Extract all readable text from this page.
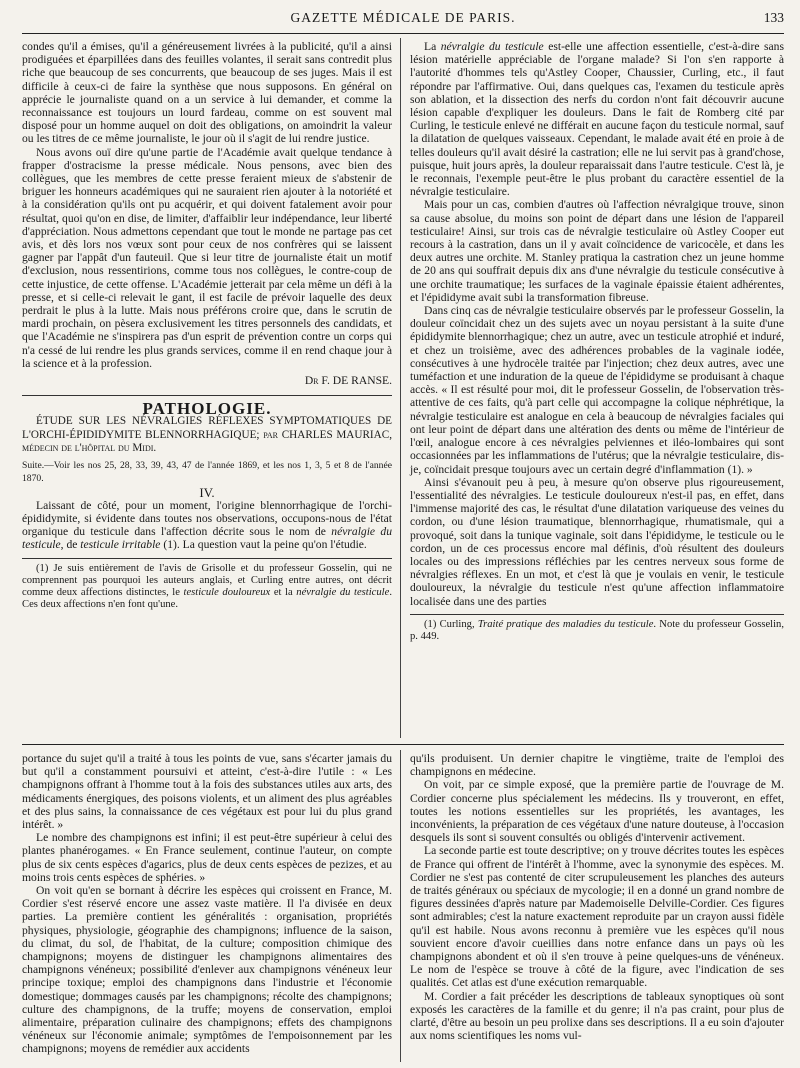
GAZETTE MÉDICALE DE PARIS.	133

condes qu'il a émises, qu'il a généreusement livrées à la publicité, qu'il a ainsi prodiguées et éparpillées dans des feuilles volantes, il serait sans contredit plus riche que beaucoup de ses concurrents, que beaucoup de ses juges. Mais il est difficile à ceux-ci de faire la synthèse que nous supposons. En général on apprécie le journaliste quand on a un service à lui demander, et comme la reconnaissance est toujours un lourd fardeau, comme on est souvent mal disposé pour un homme auquel on doit des obligations, on amoindrit la valeur ou les titres de ce même journaliste, le jour où il s'agit de lui rendre justice.

Nous avons ouï dire qu'une partie de l'Académie avait quelque tendance à frapper d'ostracisme la presse médicale. Nous pensons, avec bien des collègues, que les membres de cette presse feraient mieux de s'abstenir de briguer les honneurs académiques qui ne sauraient rien ajouter à la notoriété et à la considération qu'ils ont pu acquérir, et qui doivent fatalement avoir pour résultat, quoi qu'on en dise, de limiter, d'affaiblir leur indépendance, leur liberté d'appréciation. Nous admettons cependant que tout le monde ne partage pas cet avis, et dès lors nos vœux sont pour ceux de nos confrères qui se laissent gagner par l'appât d'un fauteuil. Que si leur titre de journaliste était un motif d'exclusion, nous ressentirions, comme tous nos collègues, le contre-coup de cette injustice, de cette offense. L'Académie jetterait par cela même un défi à la presse, et si celle-ci relevait le gant, il est facile de prévoir laquelle des deux perdrait le plus à la lutte. Mais nous préférons croire que, dans le scrutin de mardi prochain, on pèsera exclusivement les titres personnels des candidats, et que l'Académie ne s'inspirera pas d'un esprit de prévention contre un corps qui n'a cessé de lui rendre les plus grands services, comme il en rend chaque jour à la science et à la profession.

Dr F. DE RANSE.

PATHOLOGIE.

ÉTUDE SUR LES NÉVRALGIES RÉFLEXES SYMPTOMATIQUES DE L'ORCHI-ÉPIDIDYMITE BLENNORRHAGIQUE; par CHARLES MAURIAC, médecin de l'hôpital du Midi.

Suite.—Voir les nos 25, 28, 33, 39, 43, 47 de l'année 1869, et les nos 1, 3, 5 et 8 de l'année 1870.

IV.

Laissant de côté, pour un moment, l'origine blennorrhagique de l'orchi-épididymite, si évidente dans toutes nos observations, occupons-nous de l'état organique du testicule dans l'affection décrite sous le nom de névralgie du testicule, de testicule irritable (1). La question vaut la peine qu'on l'étudie.

(1) Je suis entièrement de l'avis de Grisolle et du professeur Gosselin, qui ne comprennent pas pourquoi les auteurs anglais, et Curling entre autres, ont décrit comme deux affections distinctes, le testicule douloureux et la névralgie du testicule. Ces deux affections n'en font qu'une.

La névralgie du testicule est-elle une affection essentielle, c'est-à-dire sans lésion matérielle appréciable de l'organe malade? Si l'on s'en rapporte à l'autorité d'hommes tels qu'Astley Cooper, Chaussier, Curling, etc., il faut répondre par l'affirmative. Oui, dans quelques cas, l'examen du testicule après son ablation, et la dissection des nerfs du cordon n'ont fait découvrir aucune lésion capable d'expliquer les douleurs. Dans le fait de Romberg cité par Curling, le testicule enlevé ne différait en aucune façon du testicule normal, sauf la dilatation de quelques vaisseaux. Cependant, le malade avait été en proie à de telles douleurs qu'il avait désiré la castration; elle ne lui servit pas à grand'chose, puisque, huit jours après, la douleur reparaissait dans l'autre testicule. C'est là, je le reconnais, l'exemple peut-être le plus probant du caractère essentiel de la névralgie testiculaire.

Mais pour un cas, combien d'autres où l'affection névralgique trouve, sinon sa cause absolue, du moins son point de départ dans une lésion de l'appareil testiculaire! Ainsi, sur trois cas de névralgie testiculaire où Astley Cooper eut recours à la castration, dans un il y avait coïncidence de varicocèle, et dans les deux autres une orchite. M. Stanley pratiqua la castration chez un jeune homme de 20 ans qui souffrait depuis dix ans d'une névralgie du testicule consécutive à une orchite traumatique; les surfaces de la vaginale épaissie étaient adhérentes, et l'épididyme avait subi la transformation fibreuse.

Dans cinq cas de névralgie testiculaire observés par le professeur Gosselin, la douleur coïncidait chez un des sujets avec un noyau persistant à la suite d'une épididymite blennorrhagique; chez un autre, avec un testicule atrophié et induré, et chez un troisième, avec des adhérences probables de la vaginale iodée, consécutives à une hydrocèle traitée par l'injection; chez deux autres, avec une tuméfaction et une induration de la queue de l'épididyme se produisant à chaque accès. « Il est résulté pour moi, dit le professeur Gosselin, de l'observation très-attentive de ces faits, qu'à part celle qui accompagne la colique néphrétique, la névralgie testiculaire est analogue en cela à beaucoup de névralgies faciales qui ont leur point de départ dans une altération des dents ou même de l'intérieur de l'œil, analogue encore à ces névralgies pelviennes et iléo-lombaires qui sont occasionnées par les inflammations de l'utérus; que la névralgie testiculaire, dis-je, coïncidait presque toujours avec un certain degré d'inflammation (1). »

Ainsi s'évanouit peu à peu, à mesure qu'on observe plus rigoureusement, l'essentialité des névralgies. Le testicule douloureux n'est-il pas, en effet, dans l'immense majorité des cas, le résultat d'une dilatation variqueuse des veines du cordon, ou d'une lésion traumatique, blennorrhagique, rhumatismale, qui a provoqué, soit dans la tunique vaginale, soit dans l'épididyme, le testicule ou le cordon, un de ces processus encore mal définis, d'où résultent des douleurs locales ou des impressions réfléchies par les centres nerveux sous forme de névralgies réflexes. En un mot, et c'est là que je voulais en venir, le testicule douloureux, la névralgie du testicule n'est qu'une affection inflammatoire localisée dans une des parties

(1) Curling, Traité pratique des maladies du testicule. Note du professeur Gosselin, p. 449.

portance du sujet qu'il a traité à tous les points de vue, sans s'écarter jamais du but qu'il a constamment poursuivi et atteint, c'est-à-dire l'utile : « Les champignons offrant à l'homme tout à la fois des substances utiles aux arts, des médicaments énergiques, des poisons violents, et un aliment des plus agréables et des plus sains, la connaissance de ces végétaux est pour lui du plus grand intérêt. »

Le nombre des champignons est infini; il est peut-être supérieur à celui des plantes phanérogames. « En France seulement, continue l'auteur, on compte plus de six cents espèces d'agarics, plus de deux cents espèces de pezizes, et au moins trois cents espèces de sphéries. »

On voit qu'en se bornant à décrire les espèces qui croissent en France, M. Cordier s'est réservé encore une assez vaste matière. Il l'a divisée en deux parties. La première contient les généralités : organisation, propriétés physiques, physiologie, géographie des champignons; influence de la saison, du climat, du sol, de l'habitat, de la culture; composition chimique des champignons; moyens de distinguer les champignons alimentaires des champignons vénéneux; possibilité d'enlever aux champignons vénéneux leur principe toxique; emploi des champignons dans l'industrie et l'économie domestique; dommages causés par les champignons; récolte des champignons; culture des champignons, de la truffe; moyens de conservation, emploi alimentaire, préparation culinaire des champignons; effets des champignons vénéneux sur l'économie animale; symptômes de l'empoisonnement par les champignons; moyens de remédier aux accidents

qu'ils produisent. Un dernier chapitre le vingtième, traite de l'emploi des champignons en médecine.

On voit, par ce simple exposé, que la première partie de l'ouvrage de M. Cordier concerne plus spécialement les médecins. Ils y trouveront, en effet, toutes les notions essentielles sur les propriétés, les avantages, les inconvénients, la préparation de ces végétaux d'une nature douteuse, à l'occasion desquels ils sont si souvent consultés ou obligés d'intervenir activement.

La seconde partie est toute descriptive; on y trouve décrites toutes les espèces de France qui offrent de l'intérêt à l'homme, avec la synonymie des espèces. M. Cordier ne s'est pas contenté de citer scrupuleusement les planches des auteurs de traités généraux ou spéciaux de mycologie; il en a donné un grand nombre de figures dessinées d'après nature par Mademoiselle Delville-Cordier. Ces figures sont admirables; c'est la nature exactement reproduite par un crayon aussi fidèle qu'il est habile. Nous avons reconnu à première vue les espèces qu'il nous souvient encore d'avoir cueillies dans notre enfance dans un pays où les champignons abondent et où il s'en trouve à peine quelques-uns de vénéneux. Le nom de l'espèce se trouve à côté de la figure, avec l'indication de ses qualités. Cet atlas est d'une exécution remarquable.

M. Cordier a fait précéder les descriptions de tableaux synoptiques où sont exposés les caractères de la famille et du genre; il n'a pas craint, pour plus de clarté, d'être au besoin un peu prolixe dans ses descriptions. Il a eu soin d'ajouter aux noms scientifiques les noms vul-
